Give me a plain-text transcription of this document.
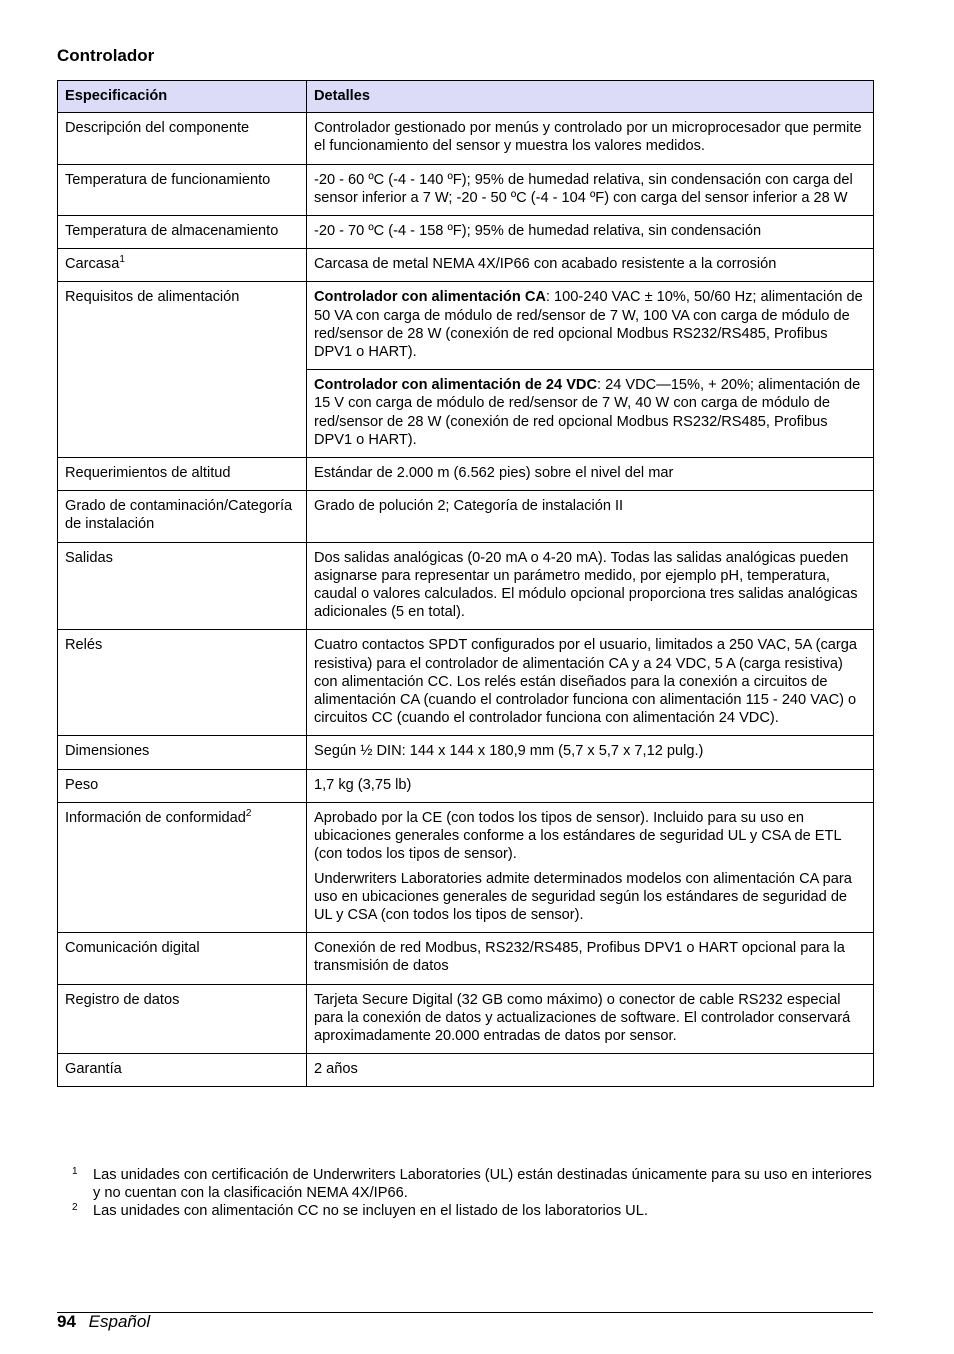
Controlador
Especificación	Detalles
Descripción del componente	Controlador gestionado por menús y controlado por un microprocesador que permite el funcionamiento del sensor y muestra los valores medidos.
Temperatura de funcionamiento	-20 - 60 ºC (-4 - 140 ºF); 95% de humedad relativa, sin condensación con carga del sensor inferior a 7 W; -20 - 50 ºC (-4 - 104 ºF) con carga del sensor inferior a 28 W
Temperatura de almacenamiento	-20 - 70 ºC (-4 - 158 ºF); 95% de humedad relativa, sin condensación
Carcasa$^1$	Carcasa de metal NEMA 4X/IP66 con acabado resistente a la corrosión
Requisitos de alimentación	Controlador con alimentación CA: 100-240 VAC ± 10%, 50/60 Hz; alimentación de 50 VA con carga de módulo de red/sensor de 7 W, 100 VA con carga de módulo de red/sensor de 28 W (conexión de red opcional Modbus RS232/RS485, Profibus DPV1 o HART).
	Controlador con alimentación de 24 VDC: 24 VDC—15%, + 20%; alimentación de 15 V con carga de módulo de red/sensor de 7 W, 40 W con carga de módulo de red/sensor de 28 W (conexión de red opcional Modbus RS232/RS485, Profibus DPV1 o HART).
Requerimientos de altitud	Estándar de 2.000 m (6.562 pies) sobre el nivel del mar
Grado de contaminación/Categoría de instalación	Grado de polución 2; Categoría de instalación II
Salidas	Dos salidas analógicas (0-20 mA o 4-20 mA). Todas las salidas analógicas pueden asignarse para representar un parámetro medido, por ejemplo pH, temperatura, caudal o valores calculados. El módulo opcional proporciona tres salidas analógicas adicionales (5 en total).
Relés	Cuatro contactos SPDT configurados por el usuario, limitados a 250 VAC, 5A (carga resistiva) para el controlador de alimentación CA y a 24 VDC, 5 A (carga resistiva) con alimentación CC. Los relés están diseñados para la conexión a circuitos de alimentación CA (cuando el controlador funciona con alimentación 115 - 240 VAC) o circuitos CC (cuando el controlador funciona con alimentación 24 VDC).
Dimensiones	Según ½ DIN: 144 x 144 x 180,9 mm (5,7 x 5,7 x 7,12 pulg.)
Peso	1,7 kg (3,75 lb)
Información de conformidad$^2$	Aprobado por la CE (con todos los tipos de sensor). Incluido para su uso en ubicaciones generales conforme a los estándares de seguridad UL y CSA de ETL (con todos los tipos de sensor).
Underwriters Laboratories admite determinados modelos con alimentación CA para uso en ubicaciones generales de seguridad según los estándares de seguridad de UL y CSA (con todos los tipos de sensor).

Comunicación digital	Conexión de red Modbus, RS232/RS485, Profibus DPV1 o HART opcional para la transmisión de datos
Registro de datos	Tarjeta Secure Digital (32 GB como máximo) o conector de cable RS232 especial para la conexión de datos y actualizaciones de software. El controlador conservará aproximadamente 20.000 entradas de datos por sensor.
Garantía	2 años
1 Las unidades con certificación de Underwriters Laboratories (UL) están destinadas únicamente para su uso en interiores y no cuentan con la clasificación NEMA 4X/IP66.
2 Las unidades con alimentación CC no se incluyen en el listado de los laboratorios UL.
94 Español
